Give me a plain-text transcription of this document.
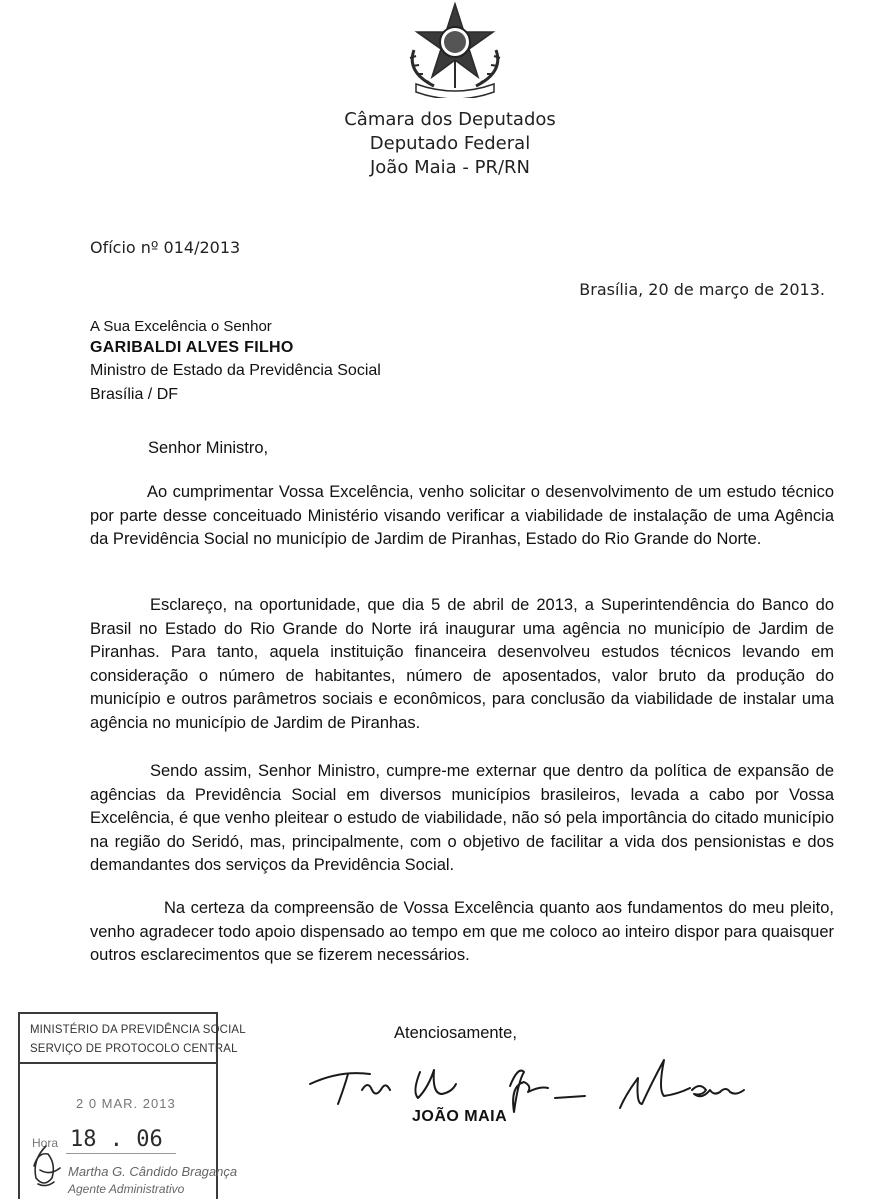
Câmara dos Deputados
Deputado Federal
João Maia - PR/RN
Ofício nº 014/2013
Brasília, 20 de março de 2013.
A Sua Excelência o Senhor
GARIBALDI ALVES FILHO
Ministro de Estado da Previdência Social
Brasília / DF
Senhor Ministro,
Ao cumprimentar Vossa Excelência, venho solicitar o desenvolvimento de um estudo técnico por parte desse conceituado Ministério visando verificar a viabilidade de instalação de uma Agência da Previdência Social no município de Jardim de Piranhas, Estado do Rio Grande do Norte.
Esclareço, na oportunidade, que dia 5 de abril de 2013, a Superintendência do Banco do Brasil no Estado do Rio Grande do Norte irá inaugurar uma agência no município de Jardim de Piranhas. Para tanto, aquela instituição financeira desenvolveu estudos técnicos levando em consideração o número de habitantes, número de aposentados, valor bruto da produção do município e outros parâmetros sociais e econômicos, para conclusão da viabilidade de instalar uma agência no município de Jardim de Piranhas.
Sendo assim, Senhor Ministro, cumpre-me externar que dentro da política de expansão de agências da Previdência Social em diversos municípios brasileiros, levada a cabo por Vossa Excelência, é que venho pleitear o estudo de viabilidade, não só pela importância do citado município na região do Seridó, mas, principalmente, com o objetivo de facilitar a vida dos pensionistas e dos demandantes dos serviços da Previdência Social.
Na certeza da compreensão de Vossa Excelência quanto aos fundamentos do meu pleito, venho agradecer todo apoio dispensado ao tempo em que me coloco ao inteiro dispor para quaisquer outros esclarecimentos que se fizerem necessários.
Atenciosamente,
JOÃO MAIA
MINISTÉRIO DA PREVIDÊNCIA SOCIAL
SERVIÇO DE PROTOCOLO CENTRAL
2 0 MAR. 2013
Hora 18 . 06
Martha G. Cândido Bragança
Agente Administrativo
